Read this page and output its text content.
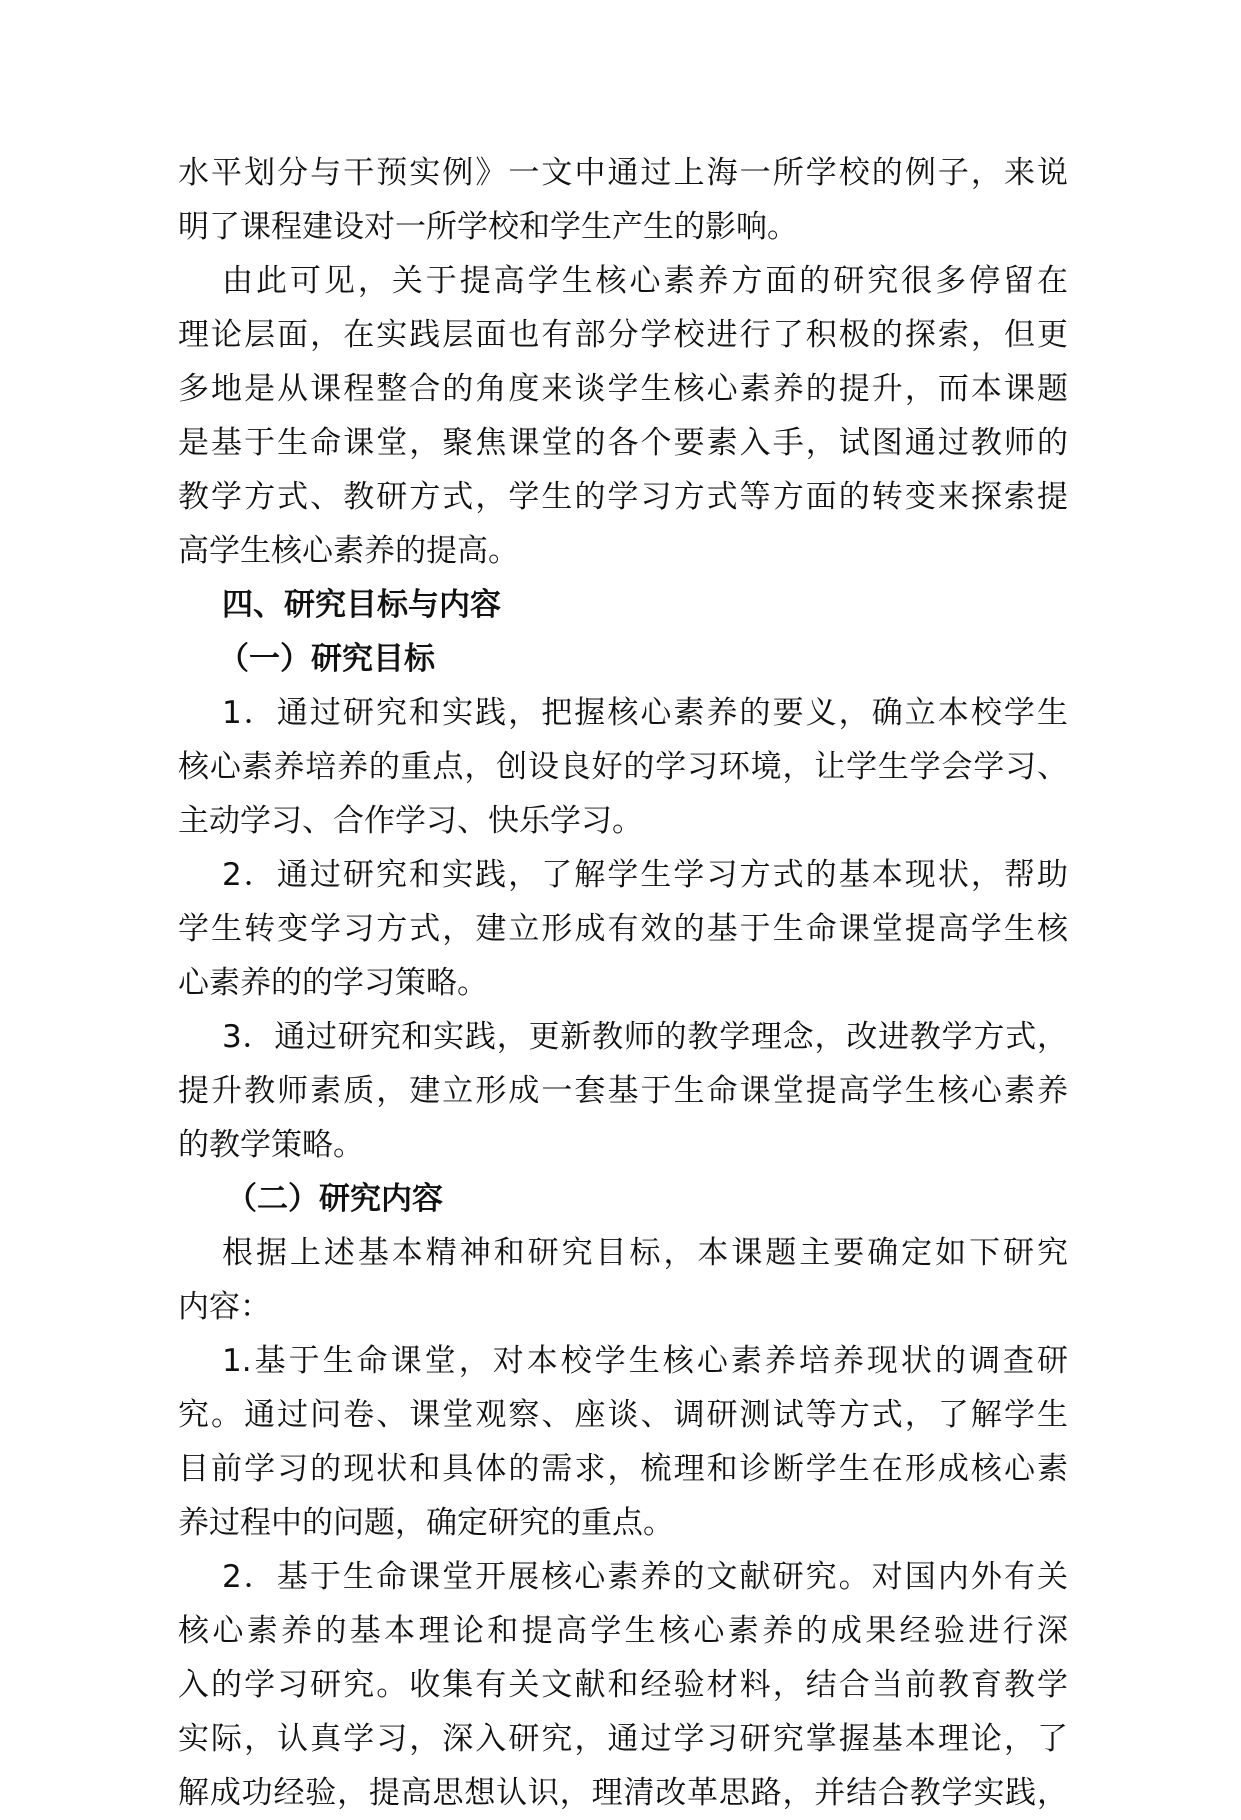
水平划分与干预实例》一文中通过上海一所学校的例子，来说
明了课程建设对一所学校和学生产生的影响。
由此可见，关于提高学生核心素养方面的研究很多停留在
理论层面，在实践层面也有部分学校进行了积极的探索，但更
多地是从课程整合的角度来谈学生核心素养的提升，而本课题
是基于生命课堂，聚焦课堂的各个要素入手，试图通过教师的
教学方式、教研方式，学生的学习方式等方面的转变来探索提
高学生核心素养的提高。
四、研究目标与内容
（一）研究目标
1．通过研究和实践，把握核心素养的要义，确立本校学生
核心素养培养的重点，创设良好的学习环境，让学生学会学习、
主动学习、合作学习、快乐学习。
2．通过研究和实践，了解学生学习方式的基本现状，帮助
学生转变学习方式，建立形成有效的基于生命课堂提高学生核
心素养的的学习策略。
3．通过研究和实践，更新教师的教学理念，改进教学方式，
提升教师素质，建立形成一套基于生命课堂提高学生核心素养
的教学策略。
（二）研究内容
根据上述基本精神和研究目标，本课题主要确定如下研究
内容：
1.基于生命课堂，对本校学生核心素养培养现状的调查研
究。通过问卷、课堂观察、座谈、调研测试等方式，了解学生
目前学习的现状和具体的需求，梳理和诊断学生在形成核心素
养过程中的问题，确定研究的重点。
2．基于生命课堂开展核心素养的文献研究。对国内外有关
核心素养的基本理论和提高学生核心素养的成果经验进行深
入的学习研究。收集有关文献和经验材料，结合当前教育教学
实际，认真学习，深入研究，通过学习研究掌握基本理论，了
解成功经验，提高思想认识，理清改革思路，并结合教学实践，
